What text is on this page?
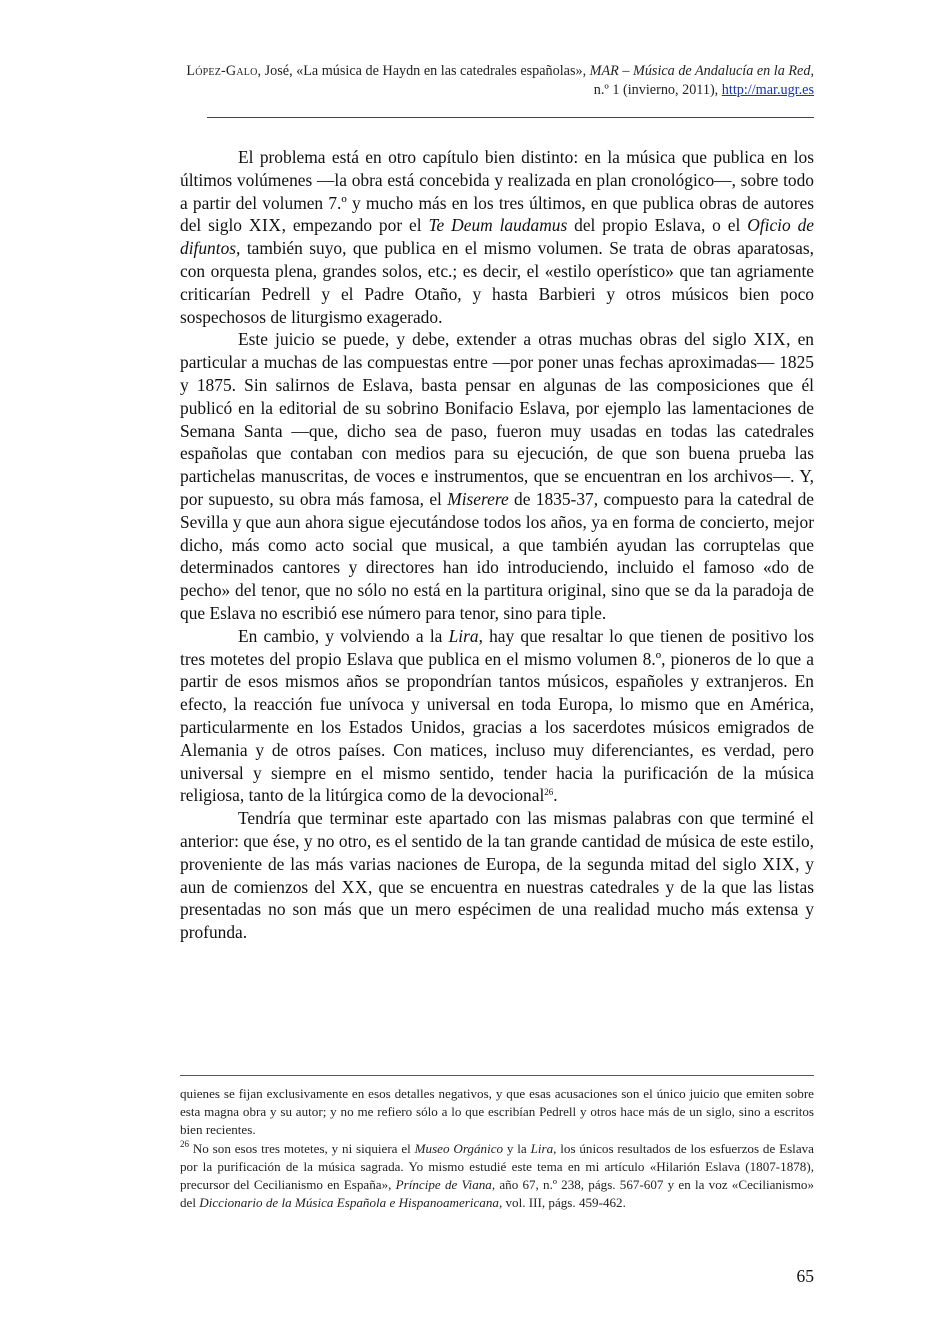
López-Galo, José, «La música de Haydn en las catedrales españolas», MAR – Música de Andalucía en la Red, n.º 1 (invierno, 2011), http://mar.ugr.es

El problema está en otro capítulo bien distinto: en la música que publica en los últimos volúmenes —la obra está concebida y realizada en plan cronológico—, sobre todo a partir del volumen 7.º y mucho más en los tres últimos, en que publica obras de autores del siglo XIX, empezando por el Te Deum laudamus del propio Eslava, o el Oficio de difuntos, también suyo, que publica en el mismo volumen. Se trata de obras aparatosas, con orquesta plena, grandes solos, etc.; es decir, el «estilo operístico» que tan agriamente criticarían Pedrell y el Padre Otaño, y hasta Barbieri y otros músicos bien poco sospechosos de liturgismo exagerado.

Este juicio se puede, y debe, extender a otras muchas obras del siglo XIX, en particular a muchas de las compuestas entre —por poner unas fechas aproximadas— 1825 y 1875. Sin salirnos de Eslava, basta pensar en algunas de las composiciones que él publicó en la editorial de su sobrino Bonifacio Eslava, por ejemplo las lamentaciones de Semana Santa —que, dicho sea de paso, fueron muy usadas en todas las catedrales españolas que contaban con medios para su ejecución, de que son buena prueba las partichelas manuscritas, de voces e instrumentos, que se encuentran en los archivos—. Y, por supuesto, su obra más famosa, el Miserere de 1835-37, compuesto para la catedral de Sevilla y que aun ahora sigue ejecutándose todos los años, ya en forma de concierto, mejor dicho, más como acto social que musical, a que también ayudan las corruptelas que determinados cantores y directores han ido introduciendo, incluido el famoso «do de pecho» del tenor, que no sólo no está en la partitura original, sino que se da la paradoja de que Eslava no escribió ese número para tenor, sino para tiple.

En cambio, y volviendo a la Lira, hay que resaltar lo que tienen de positivo los tres motetes del propio Eslava que publica en el mismo volumen 8.º, pioneros de lo que a partir de esos mismos años se propondrían tantos músicos, españoles y extranjeros. En efecto, la reacción fue unívoca y universal en toda Europa, lo mismo que en América, particularmente en los Estados Unidos, gracias a los sacerdotes músicos emigrados de Alemania y de otros países. Con matices, incluso muy diferenciantes, es verdad, pero universal y siempre en el mismo sentido, tender hacia la purificación de la música religiosa, tanto de la litúrgica como de la devocional$^{26}$.

Tendría que terminar este apartado con las mismas palabras con que terminé el anterior: que ése, y no otro, es el sentido de la tan grande cantidad de música de este estilo, proveniente de las más varias naciones de Europa, de la segunda mitad del siglo XIX, y aun de comienzos del XX, que se encuentra en nuestras catedrales y de la que las listas presentadas no son más que un mero espécimen de una realidad mucho más extensa y profunda.

quienes se fijan exclusivamente en esos detalles negativos, y que esas acusaciones son el único juicio que emiten sobre esta magna obra y su autor; y no me refiero sólo a lo que escribían Pedrell y otros hace más de un siglo, sino a escritos bien recientes.

$^{26}$ No son esos tres motetes, y ni siquiera el Museo Orgánico y la Lira, los únicos resultados de los esfuerzos de Eslava por la purificación de la música sagrada. Yo mismo estudié este tema en mi artículo «Hilarión Eslava (1807-1878), precursor del Cecilianismo en España», Príncipe de Viana, año 67, n.º 238, págs. 567-607 y en la voz «Cecilianismo» del Diccionario de la Música Española e Hispanoamericana, vol. III, págs. 459-462.

65
